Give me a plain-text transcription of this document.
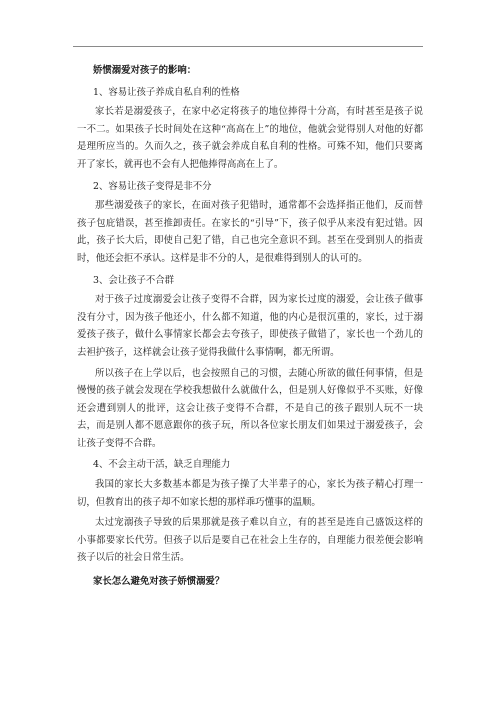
娇惯溺爱对孩子的影响：

1、容易让孩子养成自私自利的性格

家长若是溺爱孩子，在家中必定将孩子的地位捧得十分高，有时甚至是孩子说一不二。如果孩子长时间处在这种“高高在上”的地位，他就会觉得别人对他的好都是理所应当的。久而久之，孩子就会养成自私自利的性格。可殊不知，他们只要离开了家长，就再也不会有人把他捧得高高在上了。

2、容易让孩子变得是非不分

那些溺爱孩子的家长，在面对孩子犯错时，通常都不会选择指正他们，反而替孩子包庇错误，甚至推卸责任。在家长的“引导”下，孩子似乎从来没有犯过错。因此，孩子长大后，即使自己犯了错，自己也完全意识不到。甚至在受到别人的指责时，他还会拒不承认。这样是非不分的人，是很难得到别人的认可的。

3、会让孩子不合群

对于孩子过度溺爱会让孩子变得不合群，因为家长过度的溺爱，会让孩子做事没有分寸，因为孩子他还小，什么都不知道，他的内心是很沉重的，家长，过于溺爱孩子孩子，做什么事情家长都会去夸孩子，即使孩子做错了，家长也一个劲儿的去袒护孩子，这样就会让孩子觉得我做什么事情啊，都无所谓。

所以孩子在上学以后，也会按照自己的习惯，去随心所欲的做任何事情，但是慢慢的孩子就会发现在学校我想做什么就做什么，但是别人好像似乎不买账，好像还会遭到别人的批评，这会让孩子变得不合群，不是自己的孩子跟别人玩不一块去，而是别人都不愿意跟你的孩子玩，所以各位家长朋友们如果过于溺爱孩子，会让孩子变得不合群。

4、不会主动干活，缺乏自理能力

我国的家长大多数基本都是为孩子操了大半辈子的心，家长为孩子精心打理一切，但教育出的孩子却不如家长想的那样乖巧懂事的温顺。

太过宠溺孩子导致的后果那就是孩子难以自立，有的甚至是连自己盛饭这样的小事都要家长代劳。但孩子以后是要自己在社会上生存的，自理能力很差便会影响孩子以后的社会日常生活。

家长怎么避免对孩子娇惯溺爱？
